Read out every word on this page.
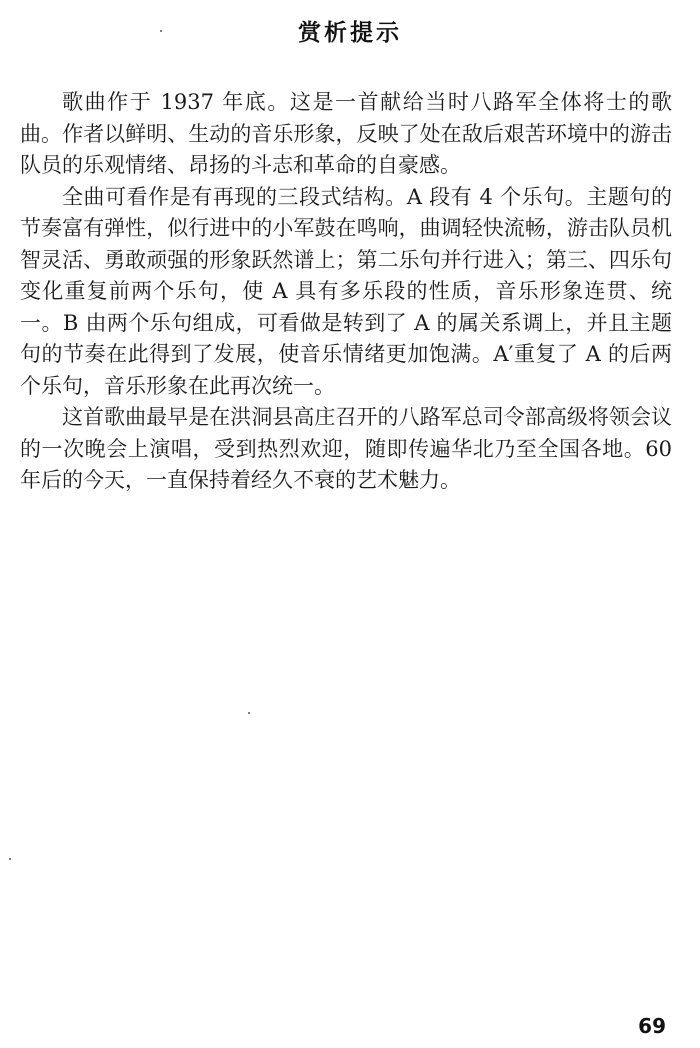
赏析提示

歌曲作于 1937 年底。这是一首献给当时八路军全体将士的歌曲。作者以鲜明、生动的音乐形象，反映了处在敌后艰苦环境中的游击队员的乐观情绪、昂扬的斗志和革命的自豪感。

全曲可看作是有再现的三段式结构。A 段有 4 个乐句。主题句的节奏富有弹性，似行进中的小军鼓在鸣响，曲调轻快流畅，游击队员机智灵活、勇敢顽强的形象跃然谱上；第二乐句并行进入；第三、四乐句变化重复前两个乐句，使 A 具有多乐段的性质，音乐形象连贯、统一。B 由两个乐句组成，可看做是转到了 A 的属关系调上，并且主题句的节奏在此得到了发展，使音乐情绪更加饱满。A′重复了 A 的后两个乐句，音乐形象在此再次统一。

这首歌曲最早是在洪洞县高庄召开的八路军总司令部高级将领会议的一次晚会上演唱，受到热烈欢迎，随即传遍华北乃至全国各地。60 年后的今天，一直保持着经久不衰的艺术魅力。

69
